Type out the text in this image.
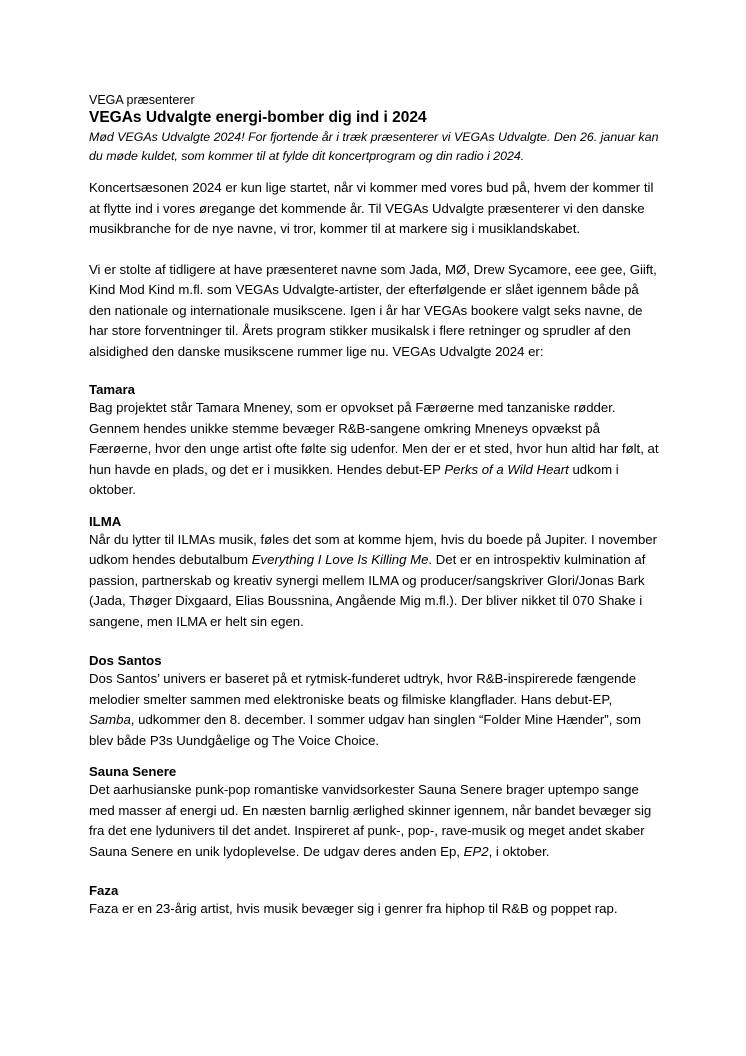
VEGA præsenterer

VEGAs Udvalgte energi-bomber dig ind i 2024

Mød VEGAs Udvalgte 2024! For fjortende år i træk præsenterer vi VEGAs Udvalgte. Den 26. januar kan du møde kuldet, som kommer til at fylde dit koncertprogram og din radio i 2024.

Koncertsæsonen 2024 er kun lige startet, når vi kommer med vores bud på, hvem der kommer til at flytte ind i vores øregange det kommende år. Til VEGAs Udvalgte præsenterer vi den danske musikbranche for de nye navne, vi tror, kommer til at markere sig i musiklandskabet.

Vi er stolte af tidligere at have præsenteret navne som Jada, MØ, Drew Sycamore, eee gee, Giift, Kind Mod Kind m.fl. som VEGAs Udvalgte-artister, der efterfølgende er slået igennem både på den nationale og internationale musikscene. Igen i år har VEGAs bookere valgt seks navne, de har store forventninger til. Årets program stikker musikalsk i flere retninger og sprudler af den alsidighed den danske musikscene rummer lige nu. VEGAs Udvalgte 2024 er:

Tamara

Bag projektet står Tamara Mneney, som er opvokset på Færøerne med tanzaniske rødder. Gennem hendes unikke stemme bevæger R&B-sangene omkring Mneneys opvækst på Færøerne, hvor den unge artist ofte følte sig udenfor. Men der er et sted, hvor hun altid har følt, at hun havde en plads, og det er i musikken. Hendes debut-EP Perks of a Wild Heart udkom i oktober.

ILMA

Når du lytter til ILMAs musik, føles det som at komme hjem, hvis du boede på Jupiter. I november udkom hendes debutalbum Everything I Love Is Killing Me. Det er en introspektiv kulmination af passion, partnerskab og kreativ synergi mellem ILMA og producer/sangskriver Glori/Jonas Bark (Jada, Thøger Dixgaard, Elias Boussnina, Angående Mig m.fl.). Der bliver nikket til 070 Shake i sangene, men ILMA er helt sin egen.

Dos Santos

Dos Santos’ univers er baseret på et rytmisk-funderet udtryk, hvor R&B-inspirerede fængende melodier smelter sammen med elektroniske beats og filmiske klangflader. Hans debut-EP, Samba, udkommer den 8. december. I sommer udgav han singlen “Folder Mine Hænder”, som blev både P3s Uundgåelige og The Voice Choice.

Sauna Senere

Det aarhusianske punk-pop romantiske vanvidsorkester Sauna Senere brager uptempo sange med masser af energi ud. En næsten barnlig ærlighed skinner igennem, når bandet bevæger sig fra det ene lydunivers til det andet. Inspireret af punk-, pop-, rave-musik og meget andet skaber Sauna Senere en unik lydoplevelse. De udgav deres anden Ep, EP2, i oktober.

Faza

Faza er en 23-årig artist, hvis musik bevæger sig i genrer fra hiphop til R&B og poppet rap.
